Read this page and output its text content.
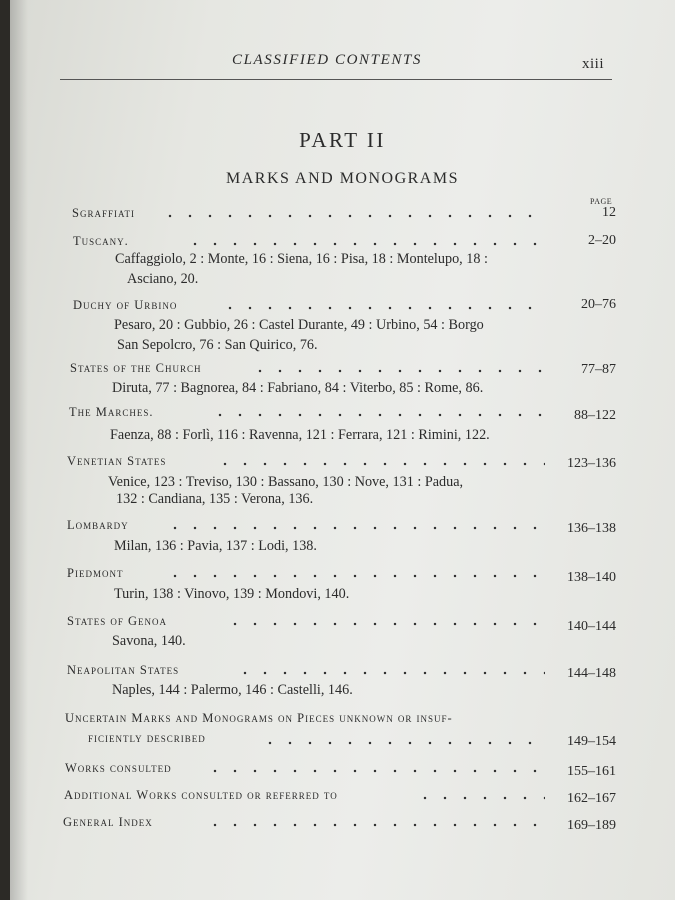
CLASSIFIED CONTENTS	xiii
PART II
MARKS AND MONOGRAMS
PAGE
Sgraffiati	12
Tuscany.	2–20
Caffaggiolo, 2 : Monte, 16 : Siena, 16 : Pisa, 18 : Montelupo, 18 :
Asciano, 20.
Duchy of Urbino	20–76
Pesaro, 20 : Gubbio, 26 : Castel Durante, 49 : Urbino, 54 : Borgo
San Sepolcro, 76 : San Quirico, 76.
States of the Church	77–87
Diruta, 77 : Bagnorea, 84 : Fabriano, 84 : Viterbo, 85 : Rome, 86.
The Marches.	88–122
Faenza, 88 : Forlì, 116 : Ravenna, 121 : Ferrara, 121 : Rimini, 122.
Venetian States	123–136
Venice, 123 : Treviso, 130 : Bassano, 130 : Nove, 131 : Padua,
132 : Candiana, 135 : Verona, 136.
Lombardy	136–138
Milan, 136 : Pavia, 137 : Lodi, 138.
Piedmont	138–140
Turin, 138 : Vinovo, 139 : Mondovi, 140.
States of Genoa	140–144
Savona, 140.
Neapolitan States	144–148
Naples, 144 : Palermo, 146 : Castelli, 146.
Uncertain Marks and Monograms on Pieces unknown or insuf-
ficiently described	149–154
Works consulted	155–161
Additional Works consulted or referred to	162–167
General Index	169–189
